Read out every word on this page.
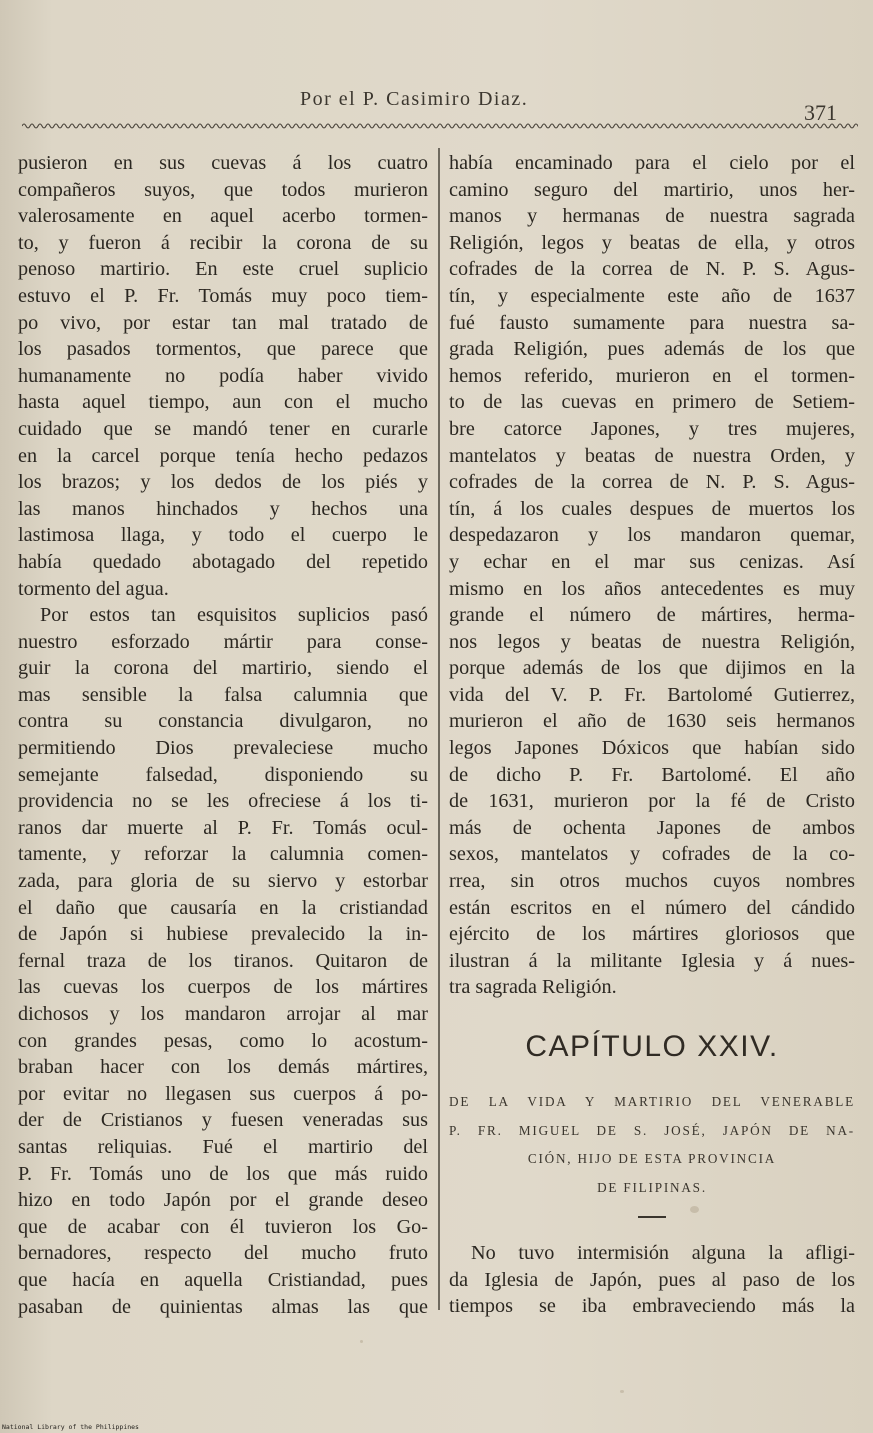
Por el P. Casimiro Diaz.
371
pusieron en sus cuevas á los cuatro
compañeros suyos, que todos murieron
valerosamente en aquel acerbo tormen-
to, y fueron á recibir la corona de su
penoso martirio. En este cruel suplicio
estuvo el P. Fr. Tomás muy poco tiem-
po vivo, por estar tan mal tratado de
los pasados tormentos, que parece que
humanamente no podía haber vivido
hasta aquel tiempo, aun con el mucho
cuidado que se mandó tener en curarle
en la carcel porque tenía hecho pedazos
los brazos; y los dedos de los piés y
las manos hinchados y hechos una
lastimosa llaga, y todo el cuerpo le
había quedado abotagado del repetido
tormento del agua.
Por estos tan esquisitos suplicios pasó
nuestro esforzado mártir para conse-
guir la corona del martirio, siendo el
mas sensible la falsa calumnia que
contra su constancia divulgaron, no
permitiendo Dios prevaleciese mucho
semejante falsedad, disponiendo su
providencia no se les ofreciese á los ti-
ranos dar muerte al P. Fr. Tomás ocul-
tamente, y reforzar la calumnia comen-
zada, para gloria de su siervo y estorbar
el daño que causaría en la cristiandad
de Japón si hubiese prevalecido la in-
fernal traza de los tiranos. Quitaron de
las cuevas los cuerpos de los mártires
dichosos y los mandaron arrojar al mar
con grandes pesas, como lo acostum-
braban hacer con los demás mártires,
por evitar no llegasen sus cuerpos á po-
der de Cristianos y fuesen veneradas sus
santas reliquias. Fué el martirio del
P. Fr. Tomás uno de los que más ruido
hizo en todo Japón por el grande deseo
que de acabar con él tuvieron los Go-
bernadores, respecto del mucho fruto
que hacía en aquella Cristiandad, pues
pasaban de quinientas almas las que
había encaminado para el cielo por el
camino seguro del martirio, unos her-
manos y hermanas de nuestra sagrada
Religión, legos y beatas de ella, y otros
cofrades de la correa de N. P. S. Agus-
tín, y especialmente este año de 1637
fué fausto sumamente para nuestra sa-
grada Religión, pues además de los que
hemos referido, murieron en el tormen-
to de las cuevas en primero de Setiem-
bre catorce Japones, y tres mujeres,
mantelatos y beatas de nuestra Orden, y
cofrades de la correa de N. P. S. Agus-
tín, á los cuales despues de muertos los
despedazaron y los mandaron quemar,
y echar en el mar sus cenizas. Así
mismo en los años antecedentes es muy
grande el número de mártires, herma-
nos legos y beatas de nuestra Religión,
porque además de los que dijimos en la
vida del V. P. Fr. Bartolomé Gutierrez,
murieron el año de 1630 seis hermanos
legos Japones Dóxicos que habían sido
de dicho P. Fr. Bartolomé. El año
de 1631, murieron por la fé de Cristo
más de ochenta Japones de ambos
sexos, mantelatos y cofrades de la co-
rrea, sin otros muchos cuyos nombres
están escritos en el número del cándido
ejército de los mártires gloriosos que
ilustran á la militante Iglesia y á nues-
tra sagrada Religión.
CAPÍTULO XXIV.
DE LA VIDA Y MARTIRIO DEL VENERABLE
P. FR. MIGUEL DE S. JOSÉ, JAPÓN DE NA-
CIÓN, HIJO DE ESTA PROVINCIA
DE FILIPINAS.
No tuvo intermisión alguna la afligi-
da Iglesia de Japón, pues al paso de los
tiempos se iba embraveciendo más la
National Library of the Philippines
